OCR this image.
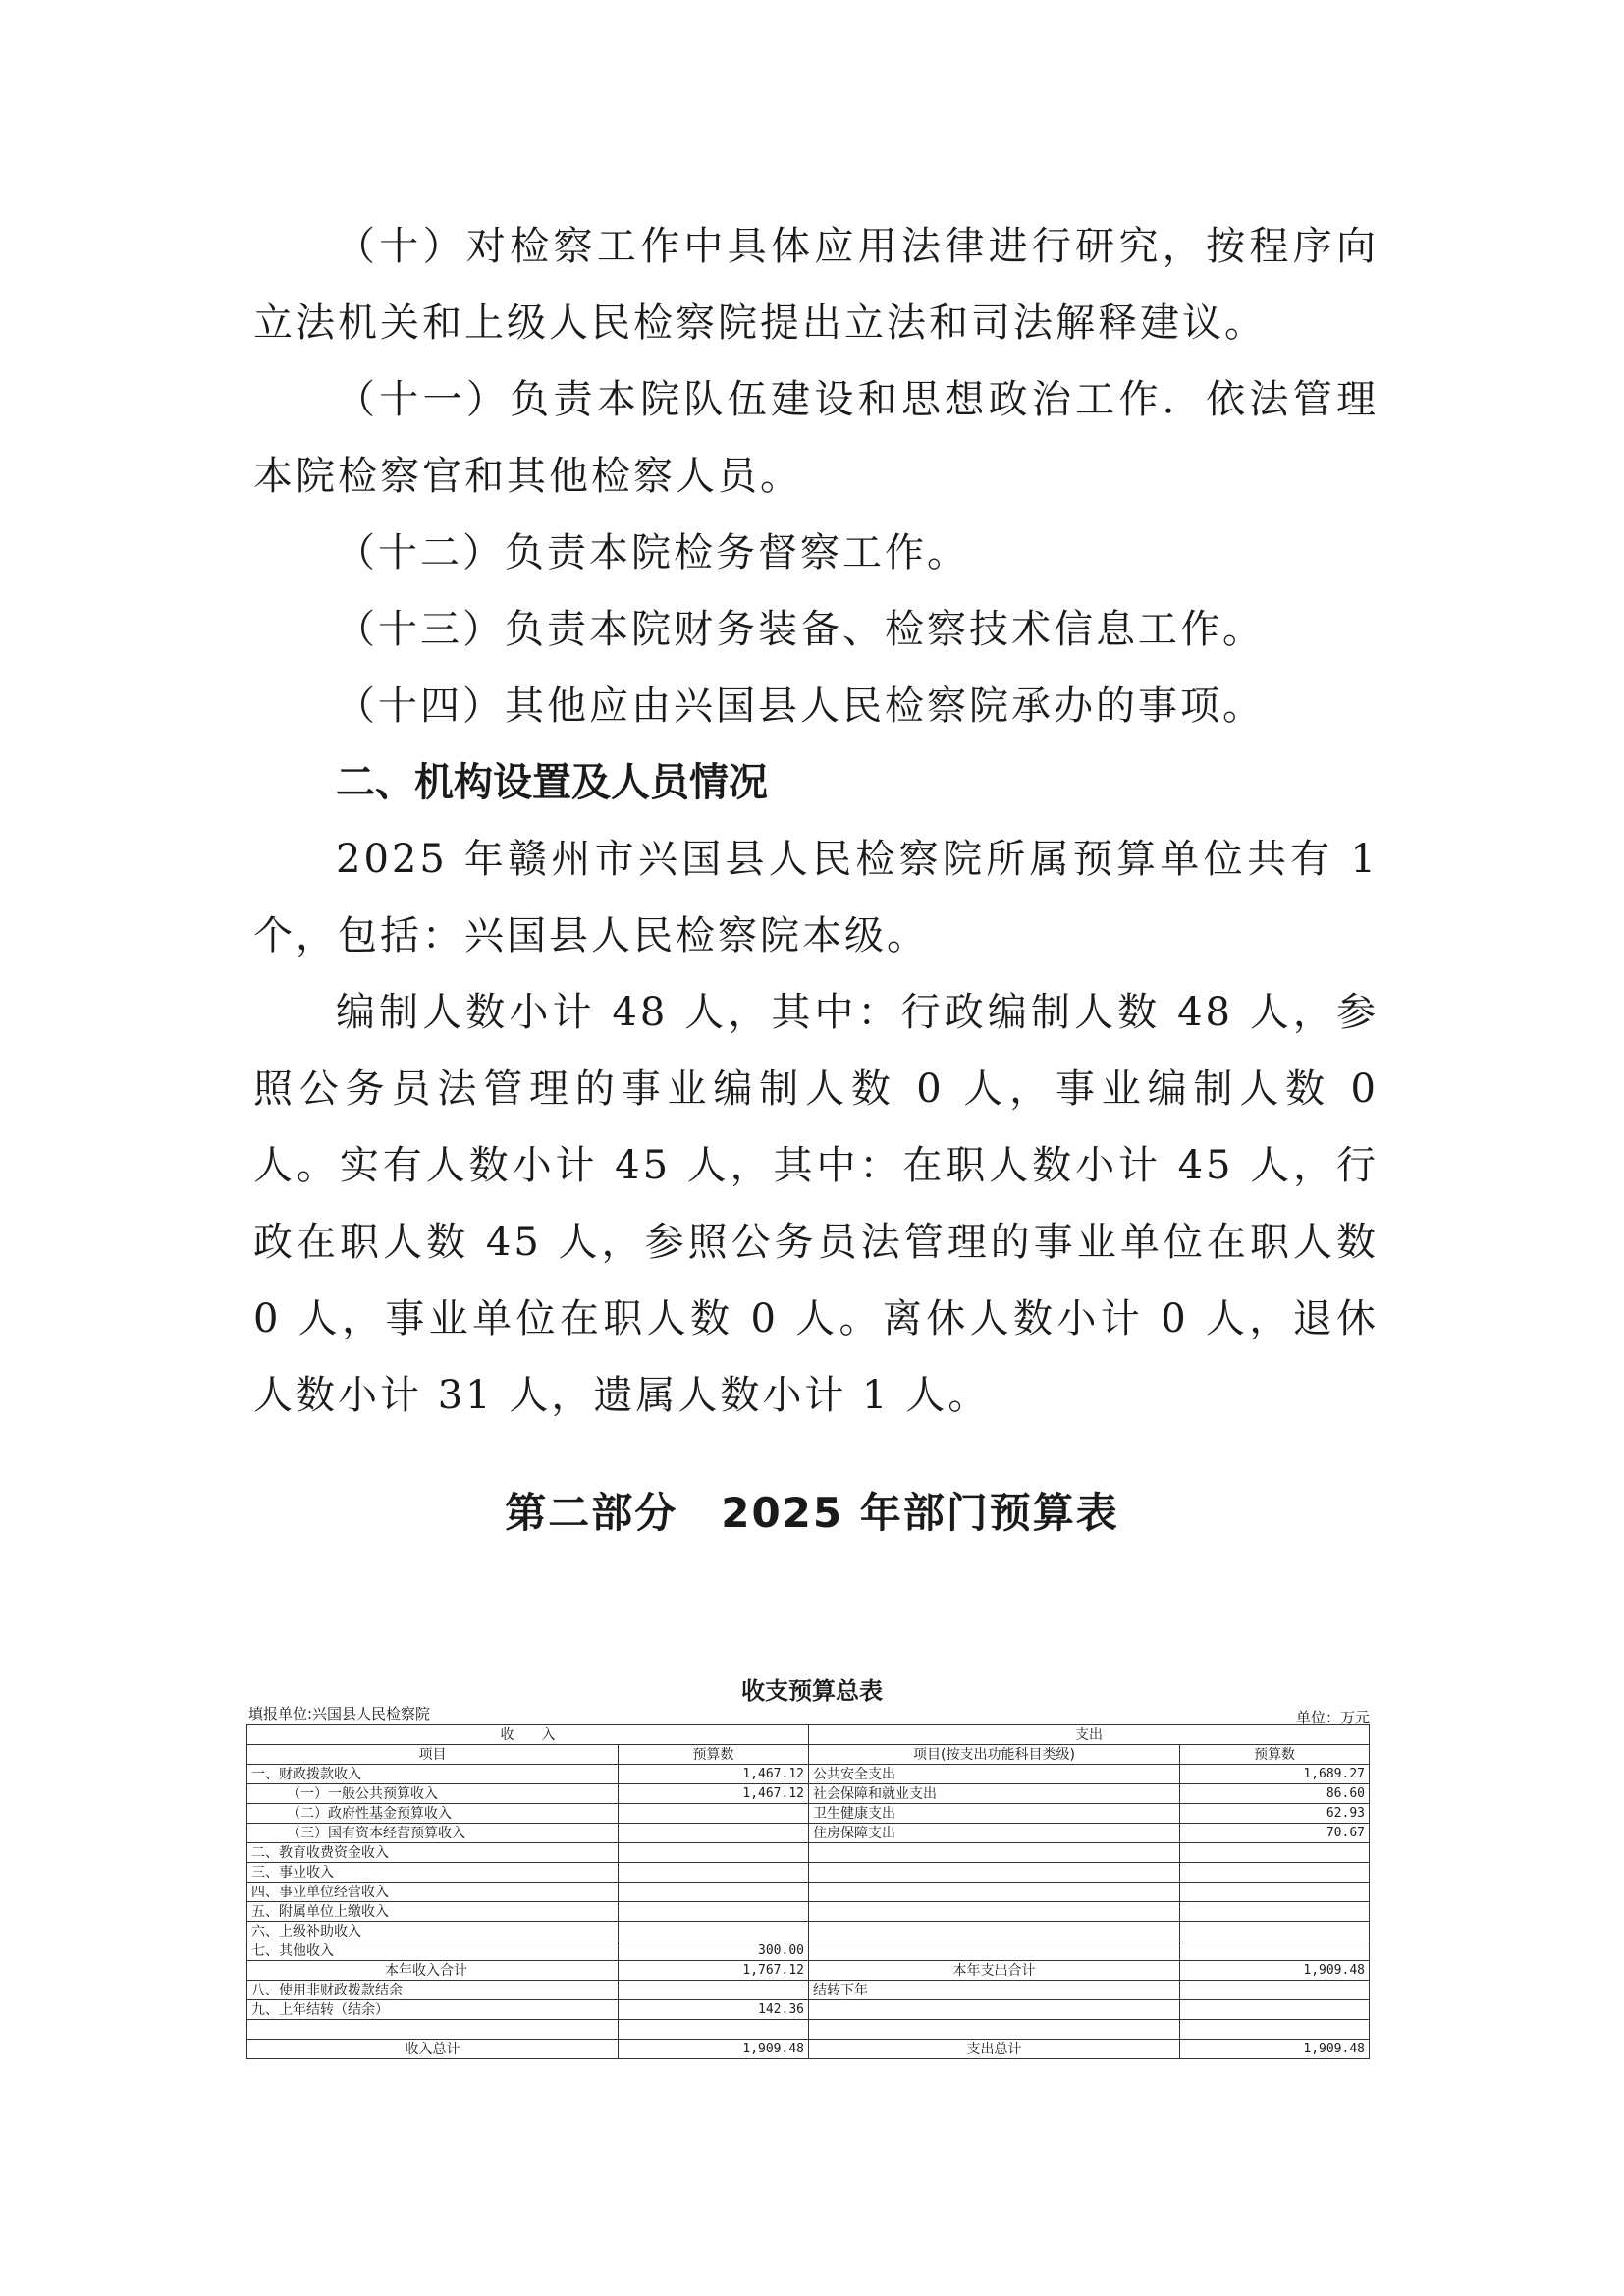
（十）对检察工作中具体应用法律进行研究，按程序向立法机关和上级人民检察院提出立法和司法解释建议。
（十一）负责本院队伍建设和思想政治工作．依法管理本院检察官和其他检察人员。
（十二）负责本院检务督察工作。
（十三）负责本院财务装备、检察技术信息工作。
（十四）其他应由兴国县人民检察院承办的事项。
二、机构设置及人员情况
2025 年赣州市兴国县人民检察院所属预算单位共有 1 个，包括：兴国县人民检察院本级。
编制人数小计 48 人，其中：行政编制人数 48 人，参照公务员法管理的事业编制人数 0 人，事业编制人数 0 人。实有人数小计 45 人，其中：在职人数小计 45 人，行政在职人数 45 人，参照公务员法管理的事业单位在职人数 0 人，事业单位在职人数 0 人。离休人数小计 0 人，退休人数小计 31 人，遗属人数小计 1 人。
第二部分　2025 年部门预算表
收支预算总表
填报单位:兴国县人民检察院	单位：万元
收　　入		支出	
项目	预算数	项目(按支出功能科目类级)	预算数
一、财政拨款收入	1,467.12	公共安全支出	1,689.27
（一）一般公共预算收入	1,467.12	社会保障和就业支出	86.60
（二）政府性基金预算收入		卫生健康支出	62.93
（三）国有资本经营预算收入		住房保障支出	70.67
二、教育收费资金收入			
三、事业收入			
四、事业单位经营收入			
五、附属单位上缴收入			
六、上级补助收入			
七、其他收入	300.00		
本年收入合计	1,767.12	本年支出合计	1,909.48
八、使用非财政拨款结余		结转下年	
九、上年结转（结余）	142.36		

收入总计	1,909.48	支出总计	1,909.48
